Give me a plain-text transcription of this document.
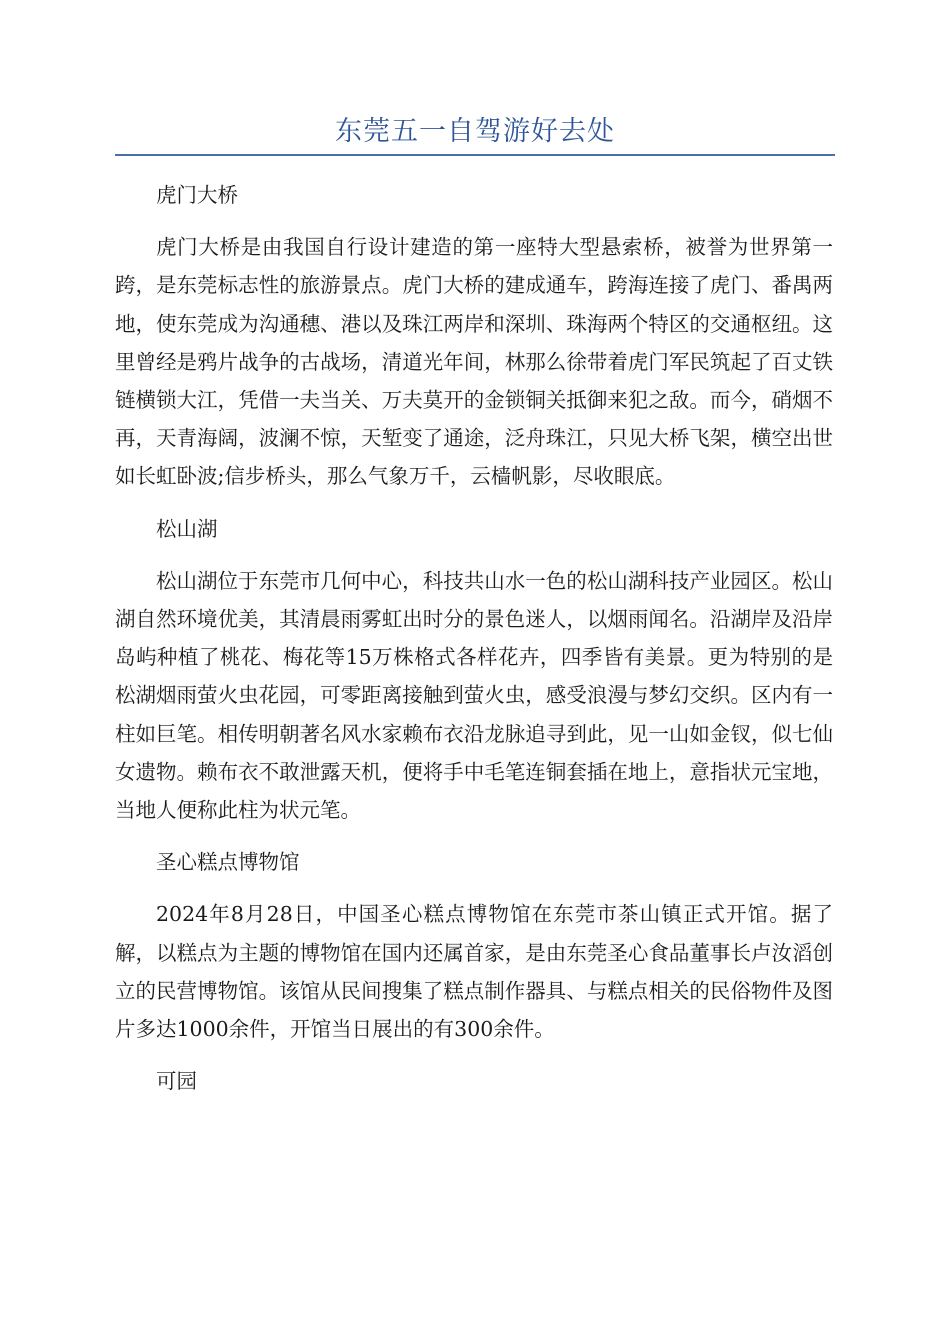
东莞五一自驾游好去处

虎门大桥

虎门大桥是由我国自行设计建造的第一座特大型悬索桥，被誉为世界第一跨，是东莞标志性的旅游景点。虎门大桥的建成通车，跨海连接了虎门、番禺两地，使东莞成为沟通穗、港以及珠江两岸和深圳、珠海两个特区的交通枢纽。这里曾经是鸦片战争的古战场，清道光年间，林那么徐带着虎门军民筑起了百丈铁链横锁大江，凭借一夫当关、万夫莫开的金锁铜关抵御来犯之敌。而今，硝烟不再，天青海阔，波澜不惊，天堑变了通途，泛舟珠江，只见大桥飞架，横空出世如长虹卧波;信步桥头，那么气象万千，云樯帆影，尽收眼底。

松山湖

松山湖位于东莞市几何中心，科技共山水一色的松山湖科技产业园区。松山湖自然环境优美，其清晨雨雾虹出时分的景色迷人，以烟雨闻名。沿湖岸及沿岸岛屿种植了桃花、梅花等15万株格式各样花卉，四季皆有美景。更为特别的是松湖烟雨萤火虫花园，可零距离接触到萤火虫，感受浪漫与梦幻交织。区内有一柱如巨笔。相传明朝著名风水家赖布衣沿龙脉追寻到此，见一山如金钗，似七仙女遗物。赖布衣不敢泄露天机，便将手中毛笔连铜套插在地上，意指状元宝地，当地人便称此柱为状元笔。

圣心糕点博物馆

2024年8月28日，中国圣心糕点博物馆在东莞市茶山镇正式开馆。据了解，以糕点为主题的博物馆在国内还属首家，是由东莞圣心食品董事长卢汝滔创立的民营博物馆。该馆从民间搜集了糕点制作器具、与糕点相关的民俗物件及图片多达1000余件，开馆当日展出的有300余件。

可园
